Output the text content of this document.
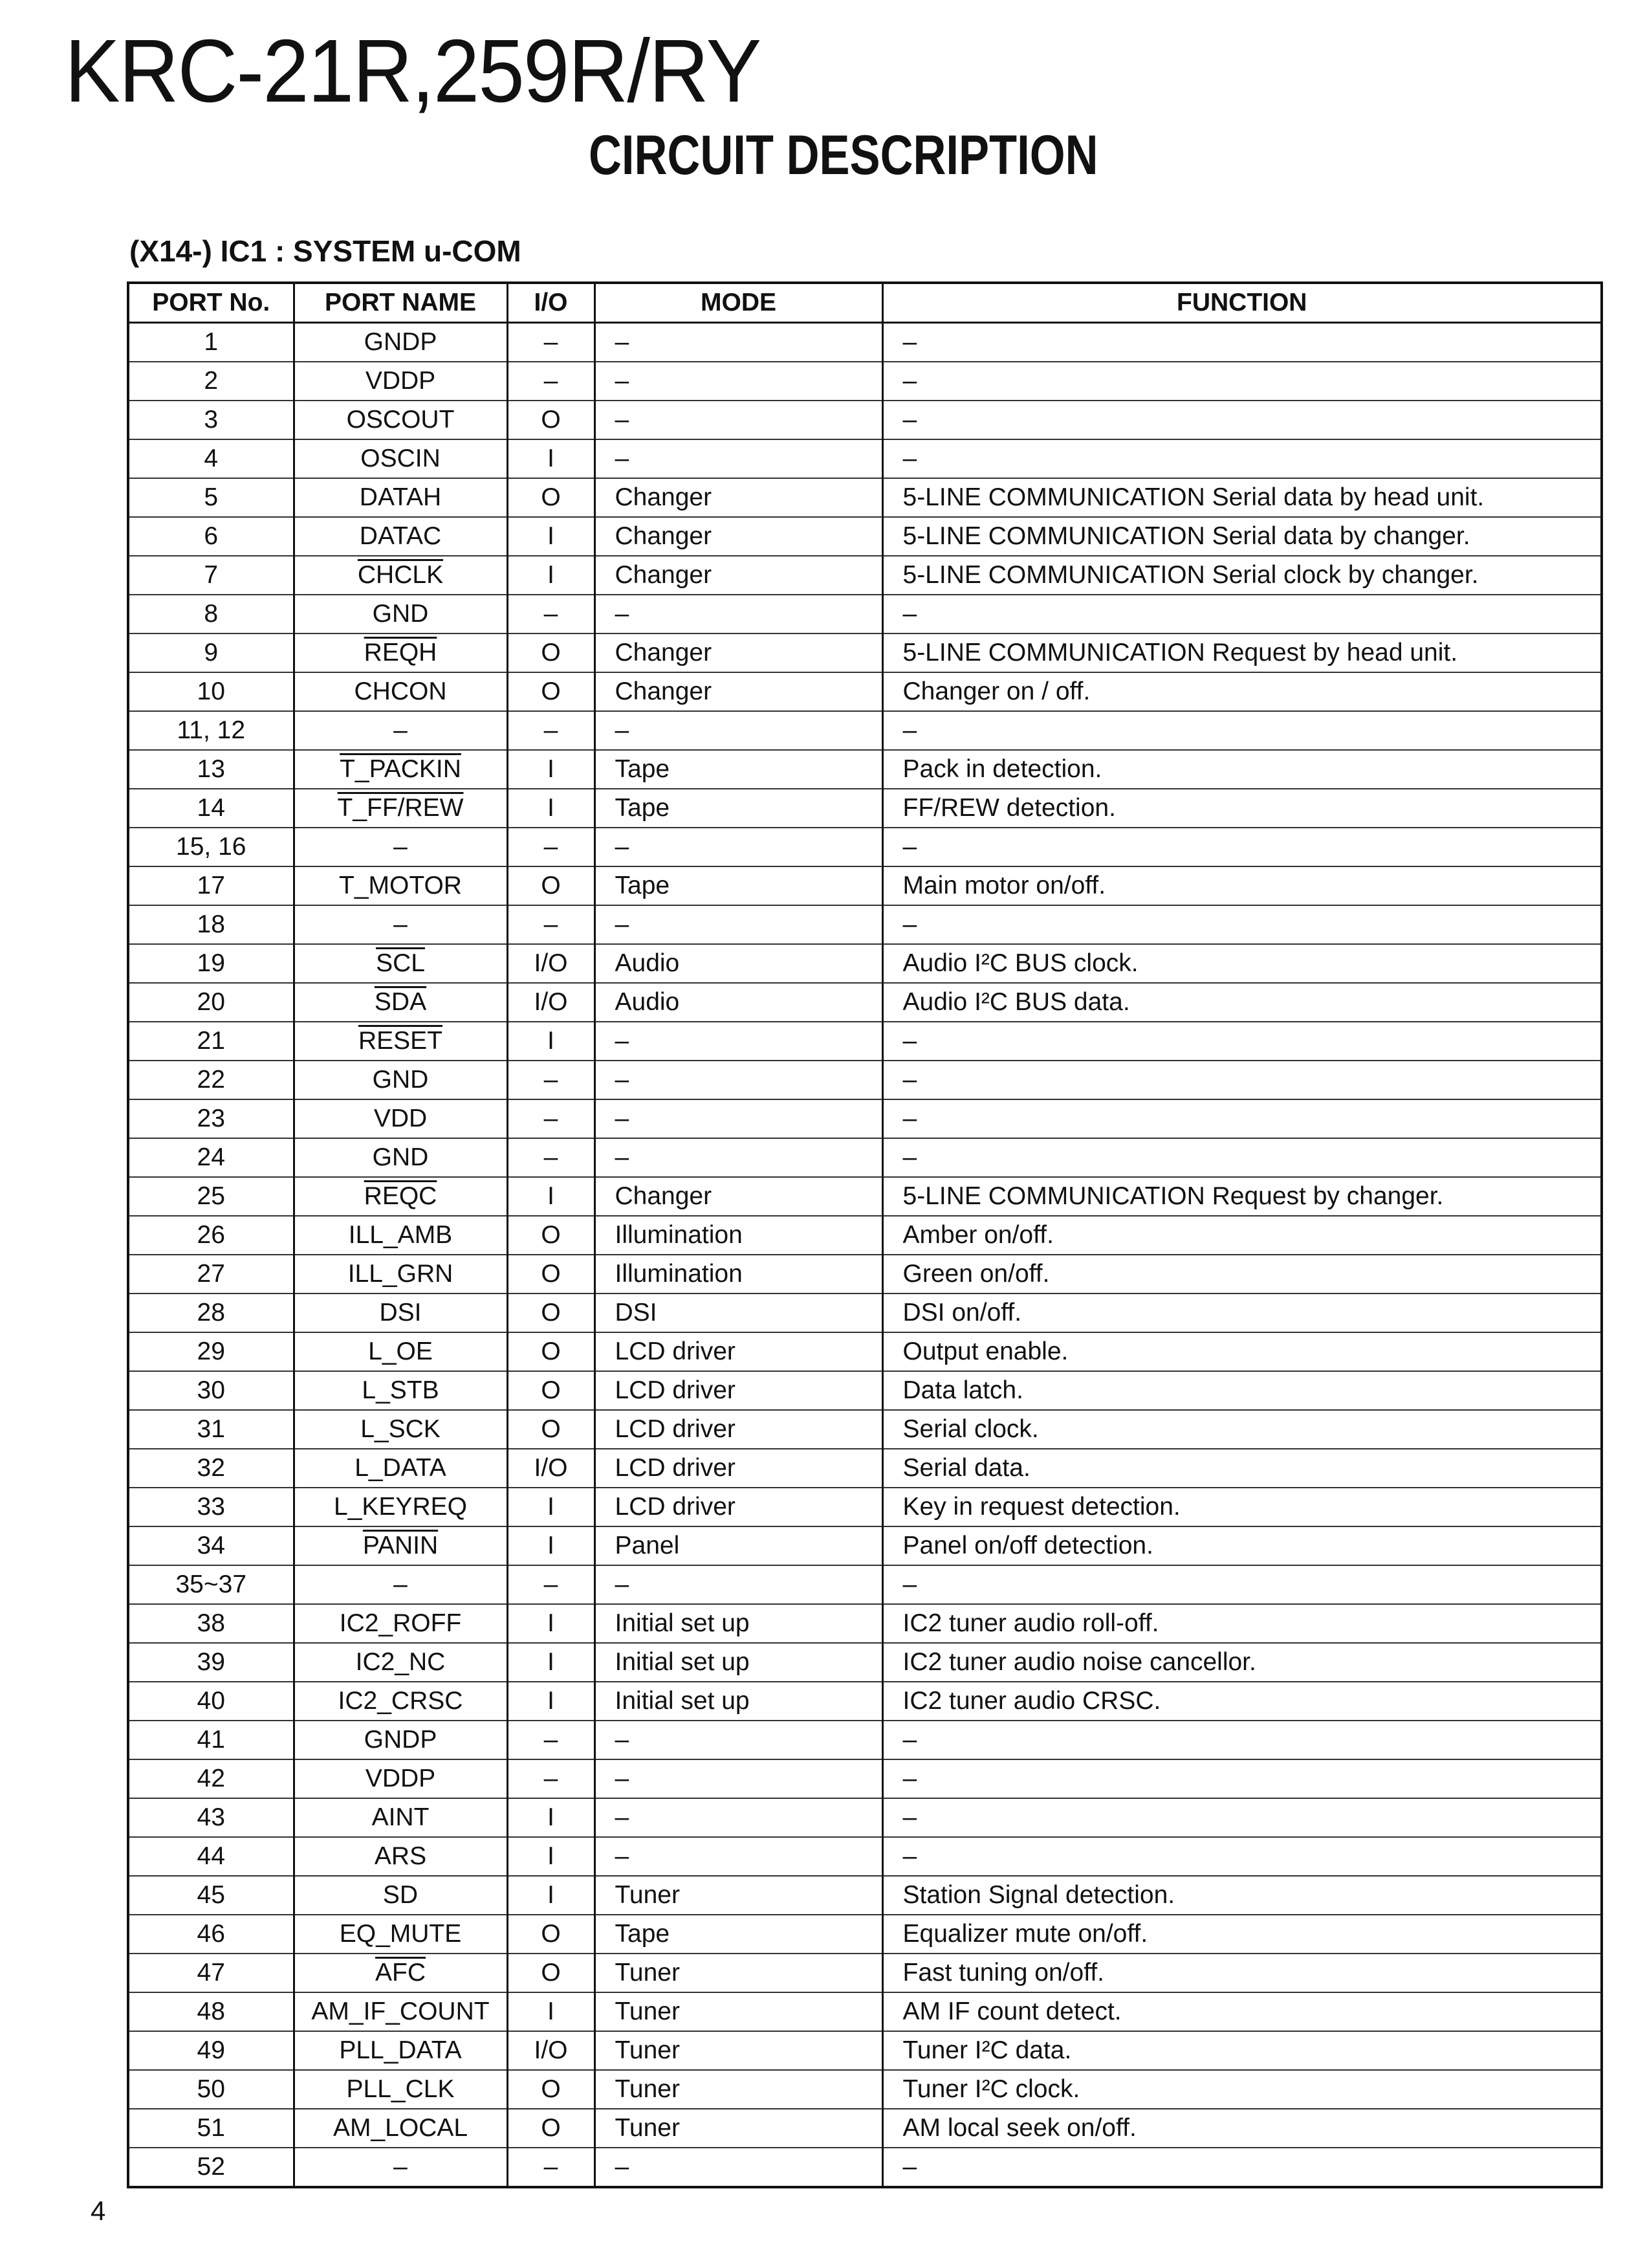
KRC-21R,259R/RY
CIRCUIT DESCRIPTION
(X14-) IC1 : SYSTEM u-COM
PORT No.	PORT NAME	I/O	MODE	FUNCTION
1	GNDP	–	–	–
2	VDDP	–	–	–
3	OSCOUT	O	–	–
4	OSCIN	I	–	–
5	DATAH	O	Changer	5-LINE COMMUNICATION Serial data by head unit.
6	DATAC	I	Changer	5-LINE COMMUNICATION Serial data by changer.
7	CHCLK	I	Changer	5-LINE COMMUNICATION Serial clock by changer.
8	GND	–	–	–
9	REQH	O	Changer	5-LINE COMMUNICATION Request by head unit.
10	CHCON	O	Changer	Changer on / off.
11, 12	–	–	–	–
13	T_PACKIN	I	Tape	Pack in detection.
14	T_FF/REW	I	Tape	FF/REW detection.
15, 16	–	–	–	–
17	T_MOTOR	O	Tape	Main motor on/off.
18	–	–	–	–
19	$\overline{SCL}$	I/O	Audio	Audio I²C BUS clock.
20	$\overline{SDA}$	I/O	Audio	Audio I²C BUS data.
21	RESET	I	–	–
22	GND	–	–	–
23	VDD	–	–	–
24	GND	–	–	–
25	REQC	I	Changer	5-LINE COMMUNICATION Request by changer.
26	ILL_AMB	O	Illumination	Amber on/off.
27	ILL_GRN	O	Illumination	Green on/off.
28	DSI	O	DSI	DSI on/off.
29	L_OE	O	LCD driver	Output enable.
30	L_STB	O	LCD driver	Data latch.
31	L_SCK	O	LCD driver	Serial clock.
32	L_DATA	I/O	LCD driver	Serial data.
33	L_KEYREQ	I	LCD driver	Key in request detection.
34	PANIN	I	Panel	Panel on/off detection.
35~37	–	–	–	–
38	IC2_ROFF	I	Initial set up	IC2 tuner audio roll-off.
39	IC2_NC	I	Initial set up	IC2 tuner audio noise cancellor.
40	IC2_CRSC	I	Initial set up	IC2 tuner audio CRSC.
41	GNDP	–	–	–
42	VDDP	–	–	–
43	AINT	I	–	–
44	ARS	I	–	–
45	SD	I	Tuner	Station Signal detection.
46	EQ_MUTE	O	Tape	Equalizer mute on/off.
47	$\overline{AFC}$	O	Tuner	Fast tuning on/off.
48	AM_IF_COUNT	I	Tuner	AM IF count detect.
49	PLL_DATA	I/O	Tuner	Tuner I²C data.
50	PLL_CLK	O	Tuner	Tuner I²C clock.
51	AM_LOCAL	O	Tuner	AM local seek on/off.
52	–	–	–	–
4
